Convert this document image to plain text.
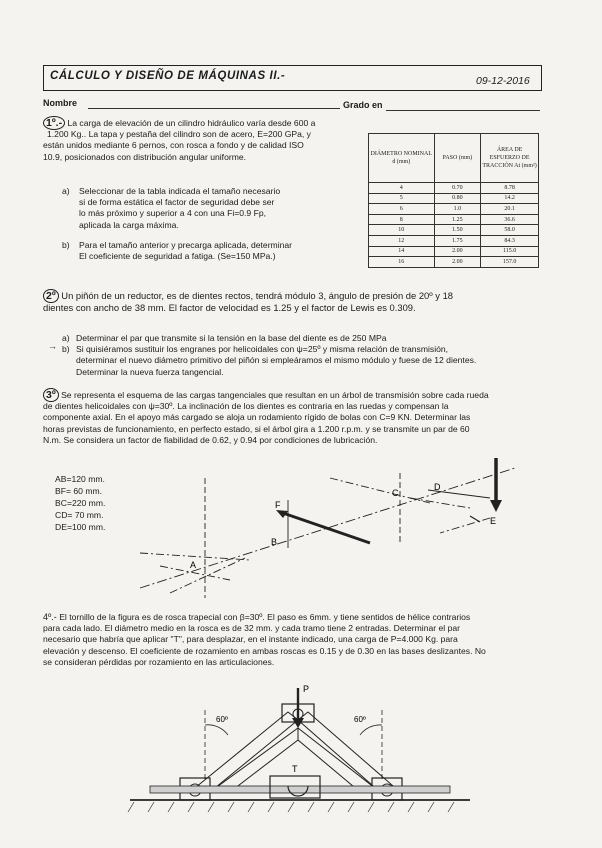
CÁLCULO Y DISEÑO DE MÁQUINAS II.-	09-12-2016
Nombre	Grado en
1º.- La carga de elevación de un cilindro hidráulico varía desde 600 a
1.200 Kg.. La tapa y pestaña del cilindro son de acero, E=200 GPa, y
están unidos mediante 6 pernos, con rosca a fondo y de calidad ISO
10.9, posicionados con distribución angular uniforme.
a)	Seleccionar de la tabla indicada el tamaño necesario
si de forma estática el factor de seguridad debe ser
lo más próximo y superior a 4 con una Fi=0.9 Fp,
aplicada la carga máxima.
b)	Para el tamaño anterior y precarga aplicada, determinar
El coeficiente de seguridad a fatiga. (Se=150 MPa.)
DIÁMETRO NOMINAL d (mm)	PASO (mm)	ÁREA DE ESFUERZO DE TRACCIÓN At (mm²)
4	0.70	8.78
5	0.80	14.2
6	1.0	20.1
8	1.25	36.6
10	1.50	58.0
12	1.75	84.3
14	2.00	115.0
16	2.00	157.0
2º Un piñón de un reductor, es de dientes rectos, tendrá módulo 3, ángulo de presión de 20º y 18
dientes con ancho de 38 mm. El factor de velocidad es 1.25 y el factor de Lewis es 0.309.
a) Determinar el par que transmite si la tensión en la base del diente es de 250 MPa
b) Si quisiéramos sustituir los engranes por helicoidales con ψ=25º y misma relación de transmisión,
determinar el nuevo diámetro primitivo del piñón si empleáramos el mismo módulo y fuese de 12 dientes.
Determinar la nueva fuerza tangencial.
→
3º Se representa el esquema de las cargas tangenciales que resultan en un árbol de transmisión sobre cada rueda
de dientes helicoidales con ψ=30º. La inclinación de los dientes es contraria en las ruedas y compensan la
componente axial. En el apoyo más cargado se aloja un rodamiento rígido de bolas con C=9 KN. Determinar las
horas previstas de funcionamiento, en perfecto estado, si el árbol gira a 1.200 r.p.m. y se transmite un par de 60
N.m. Se considera un factor de fiabilidad de 0.62, y 0.94 por condiciones de lubricación.
AB=120 mm.
BF= 60 mm.
BC=220 mm.
CD= 70 mm.
DE=100 mm.
A
B
C
D
E
F
4º.- El tornillo de la figura es de rosca trapecial con β=30º. El paso es 6mm. y tiene sentidos de hélice contrarios
para cada lado. El diámetro medio en la rosca es de 32 mm. y cada tramo tiene 2 entradas. Determinar el par
necesario que habría que aplicar "T", para desplazar, en el instante indicado, una carga de P=4.000 Kg. para
elevación y descenso. El coeficiente de rozamiento en ambas roscas es 0.15 y de 0.30 en las bases deslizantes. No
se consideran pérdidas por rozamiento en las articulaciones.
P
T
60º	60º
